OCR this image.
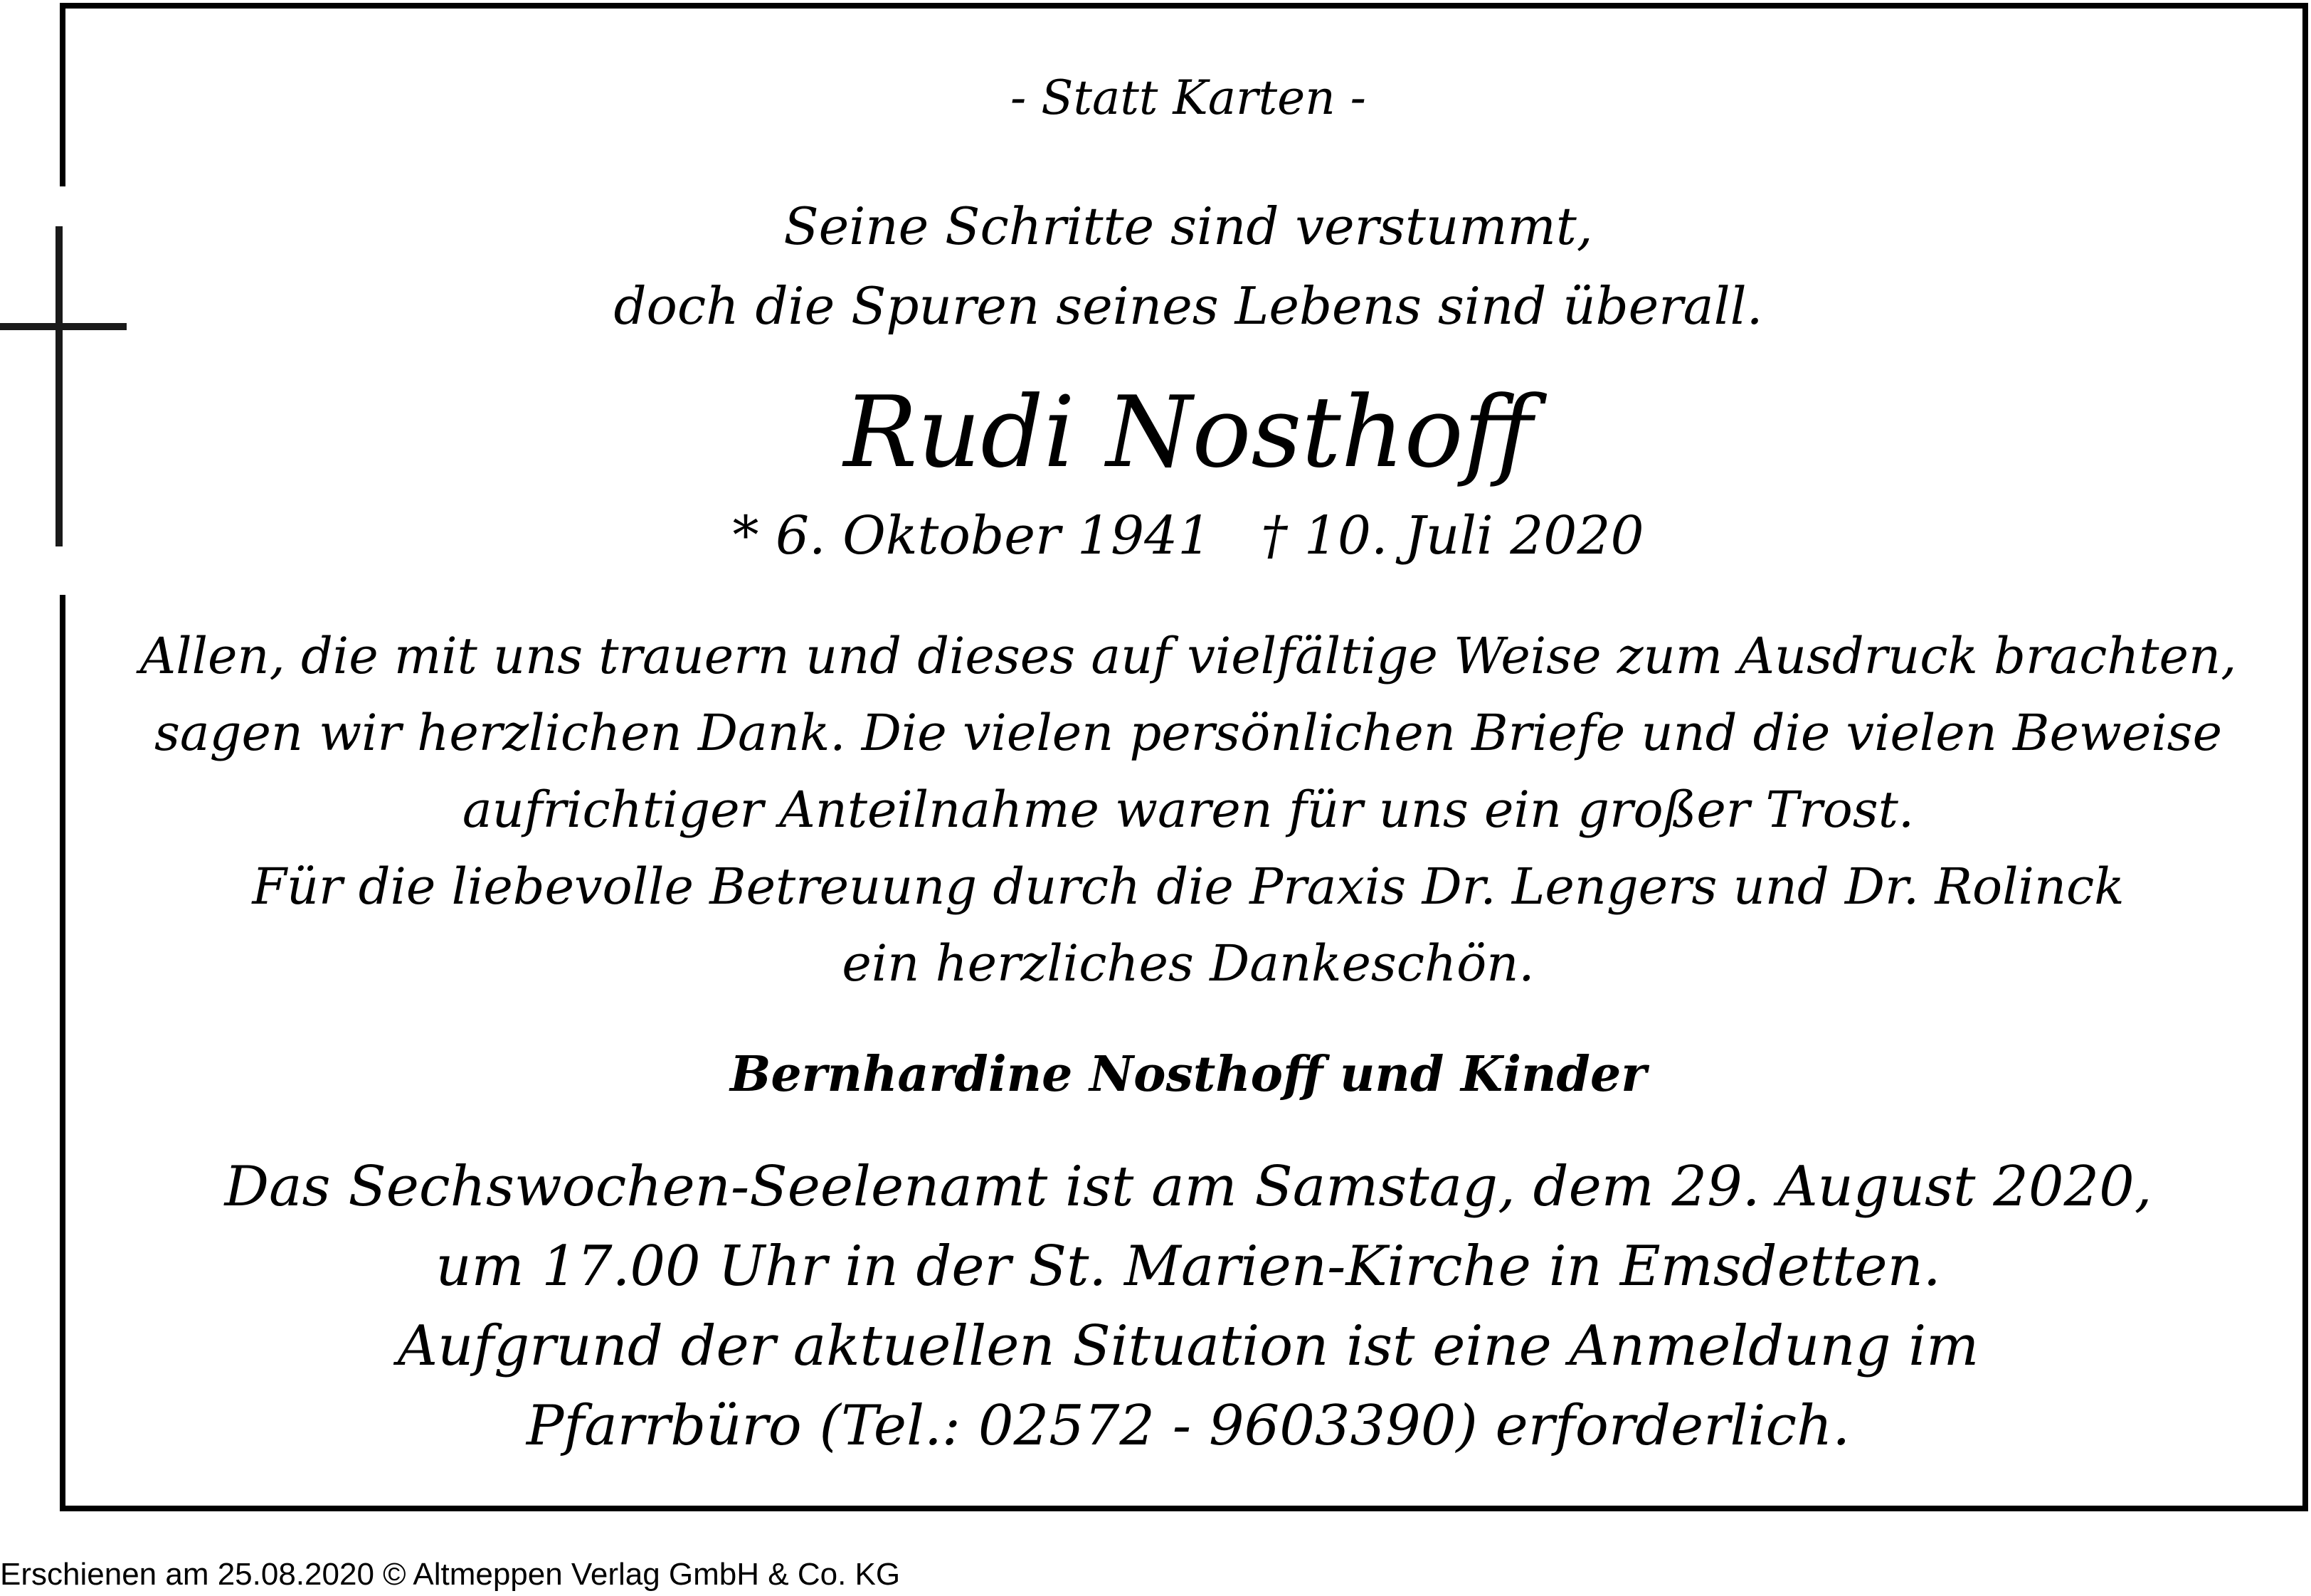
- Statt Karten -
Seine Schritte sind verstummt,
doch die Spuren seines Lebens sind überall.
Rudi Nosthoff
* 6. Oktober 1941 † 10. Juli 2020
Allen, die mit uns trauern und dieses auf vielfältige Weise zum Ausdruck brachten,
sagen wir herzlichen Dank. Die vielen persönlichen Briefe und die vielen Beweise
aufrichtiger Anteilnahme waren für uns ein großer Trost.
Für die liebevolle Betreuung durch die Praxis Dr. Lengers und Dr. Rolinck
ein herzliches Dankeschön.
Bernhardine Nosthoff und Kinder
Das Sechswochen-Seelenamt ist am Samstag, dem 29. August 2020,
um 17.00 Uhr in der St. Marien-Kirche in Emsdetten.
Aufgrund der aktuellen Situation ist eine Anmeldung im
Pfarrbüro (Tel.: 02572 - 9603390) erforderlich.
Erschienen am 25.08.2020 © Altmeppen Verlag GmbH & Co. KG
